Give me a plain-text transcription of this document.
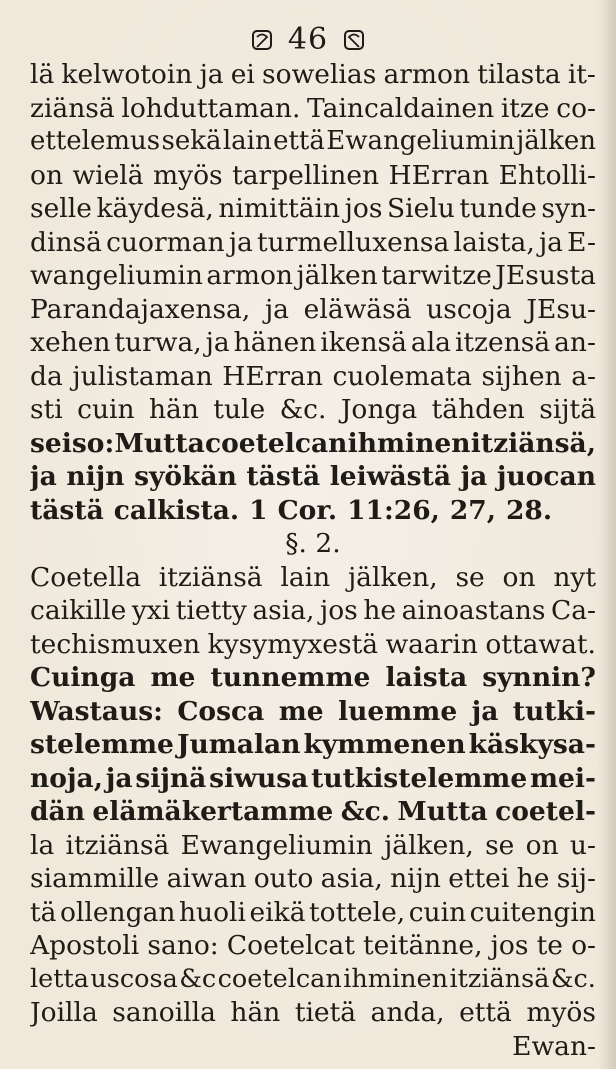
46
lä kelwotoin ja ei sowelias armon tilasta it-
ziänsä lohduttaman. Taincaldainen itze co-
ettelemus sekä lain että Ewangeliumin jälken
on wielä myös tarpellinen HErran Ehtolli-
selle käydesä, nimittäin jos Sielu tunde syn-
dinsä cuorman ja turmelluxensa laista, ja E-
wangeliumin armon jälken tarwitze JEsusta
Parandajaxensa, ja eläwäsä uscoja JEsu-
xehen turwa, ja hänen ikensä ala itzensä an-
da julistaman HErran cuolemata sijhen a-
sti cuin hän tule &c. Jonga tähden sijtä
seiso: Mutta coetelcan ihminen itziänsä,
ja nijn syökän tästä leiwästä ja juocan
tästä calkista. 1 Cor. 11:26, 27, 28.
§. 2.
Coetella itziänsä lain jälken, se on nyt
caikille yxi tietty asia, jos he ainoastans Ca-
techismuxen kysymyxestä waarin ottawat.
Cuinga me tunnemme laista synnin?
Wastaus: Cosca me luemme ja tutki-
stelemme Jumalan kymmenen käskysa-
noja, ja sijnä siwusa tutkistelemme mei-
dän elämäkertamme &c. Mutta coetel-
la itziänsä Ewangeliumin jälken, se on u-
siammille aiwan outo asia, nijn ettei he sij-
tä ollengan huoli eikä tottele, cuin cuitengin
Apostoli sano: Coetelcat teitänne, jos te o-
letta uscosa &c coetelcan ihminen itziänsä &c.
Joilla sanoilla hän tietä anda, että myös
Ewan-
